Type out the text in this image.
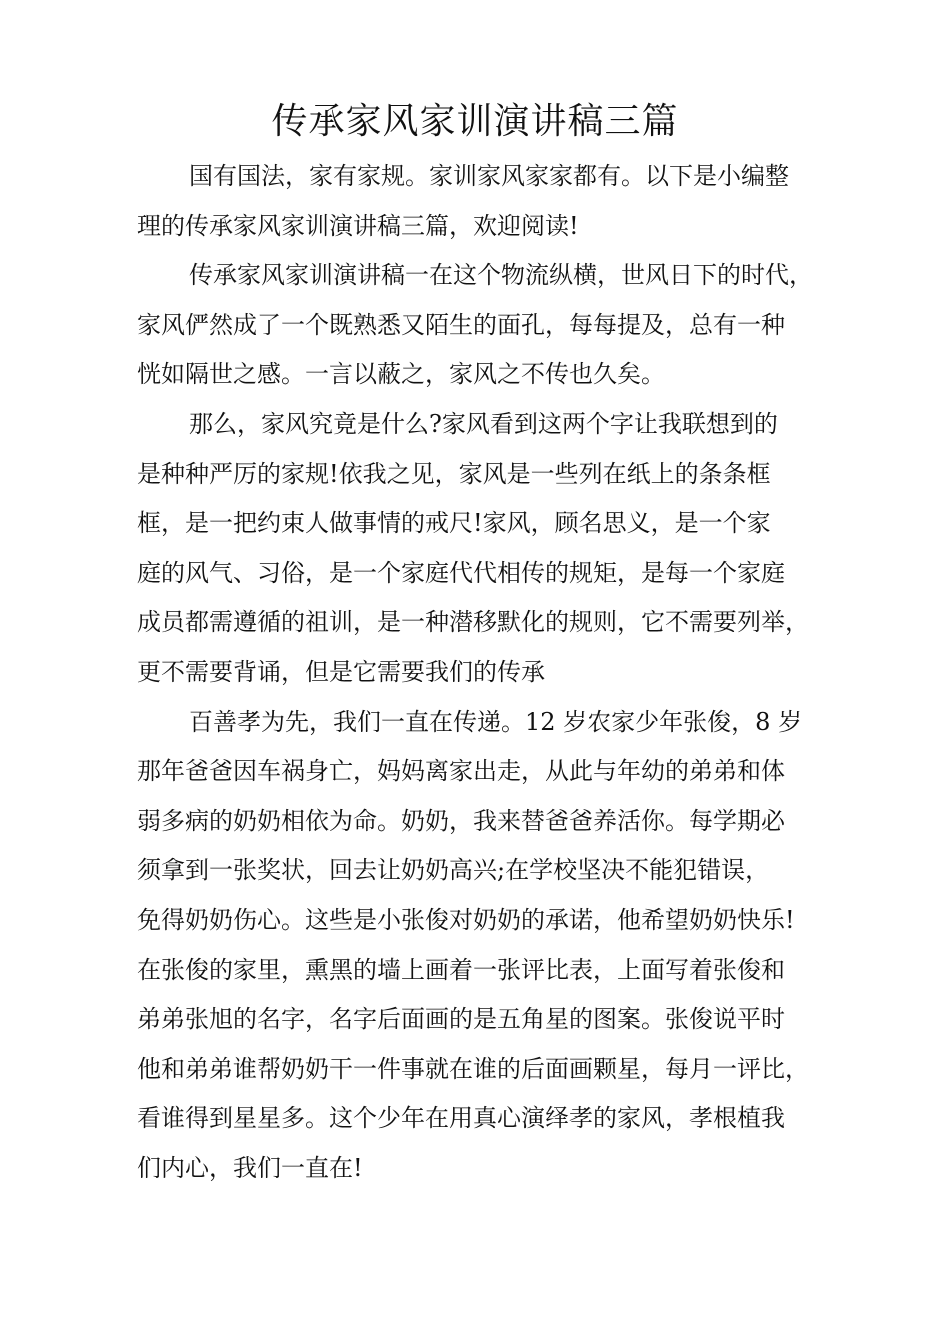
传承家风家训演讲稿三篇

国有国法，家有家规。家训家风家家都有。以下是小编整
理的传承家风家训演讲稿三篇，欢迎阅读!

传承家风家训演讲稿一在这个物流纵横，世风日下的时代，
家风俨然成了一个既熟悉又陌生的面孔，每每提及，总有一种
恍如隔世之感。一言以蔽之，家风之不传也久矣。

那么，家风究竟是什么?家风看到这两个字让我联想到的
是种种严厉的家规!依我之见，家风是一些列在纸上的条条框
框，是一把约束人做事情的戒尺!家风，顾名思义，是一个家
庭的风气、习俗，是一个家庭代代相传的规矩，是每一个家庭
成员都需遵循的祖训，是一种潜移默化的规则，它不需要列举，
更不需要背诵，但是它需要我们的传承

百善孝为先，我们一直在传递。12 岁农家少年张俊，8 岁
那年爸爸因车祸身亡，妈妈离家出走，从此与年幼的弟弟和体
弱多病的奶奶相依为命。奶奶，我来替爸爸养活你。每学期必
须拿到一张奖状，回去让奶奶高兴;在学校坚决不能犯错误，
免得奶奶伤心。这些是小张俊对奶奶的承诺，他希望奶奶快乐!
在张俊的家里，熏黑的墙上画着一张评比表，上面写着张俊和
弟弟张旭的名字，名字后面画的是五角星的图案。张俊说平时
他和弟弟谁帮奶奶干一件事就在谁的后面画颗星，每月一评比，
看谁得到星星多。这个少年在用真心演绎孝的家风，孝根植我
们内心，我们一直在!
